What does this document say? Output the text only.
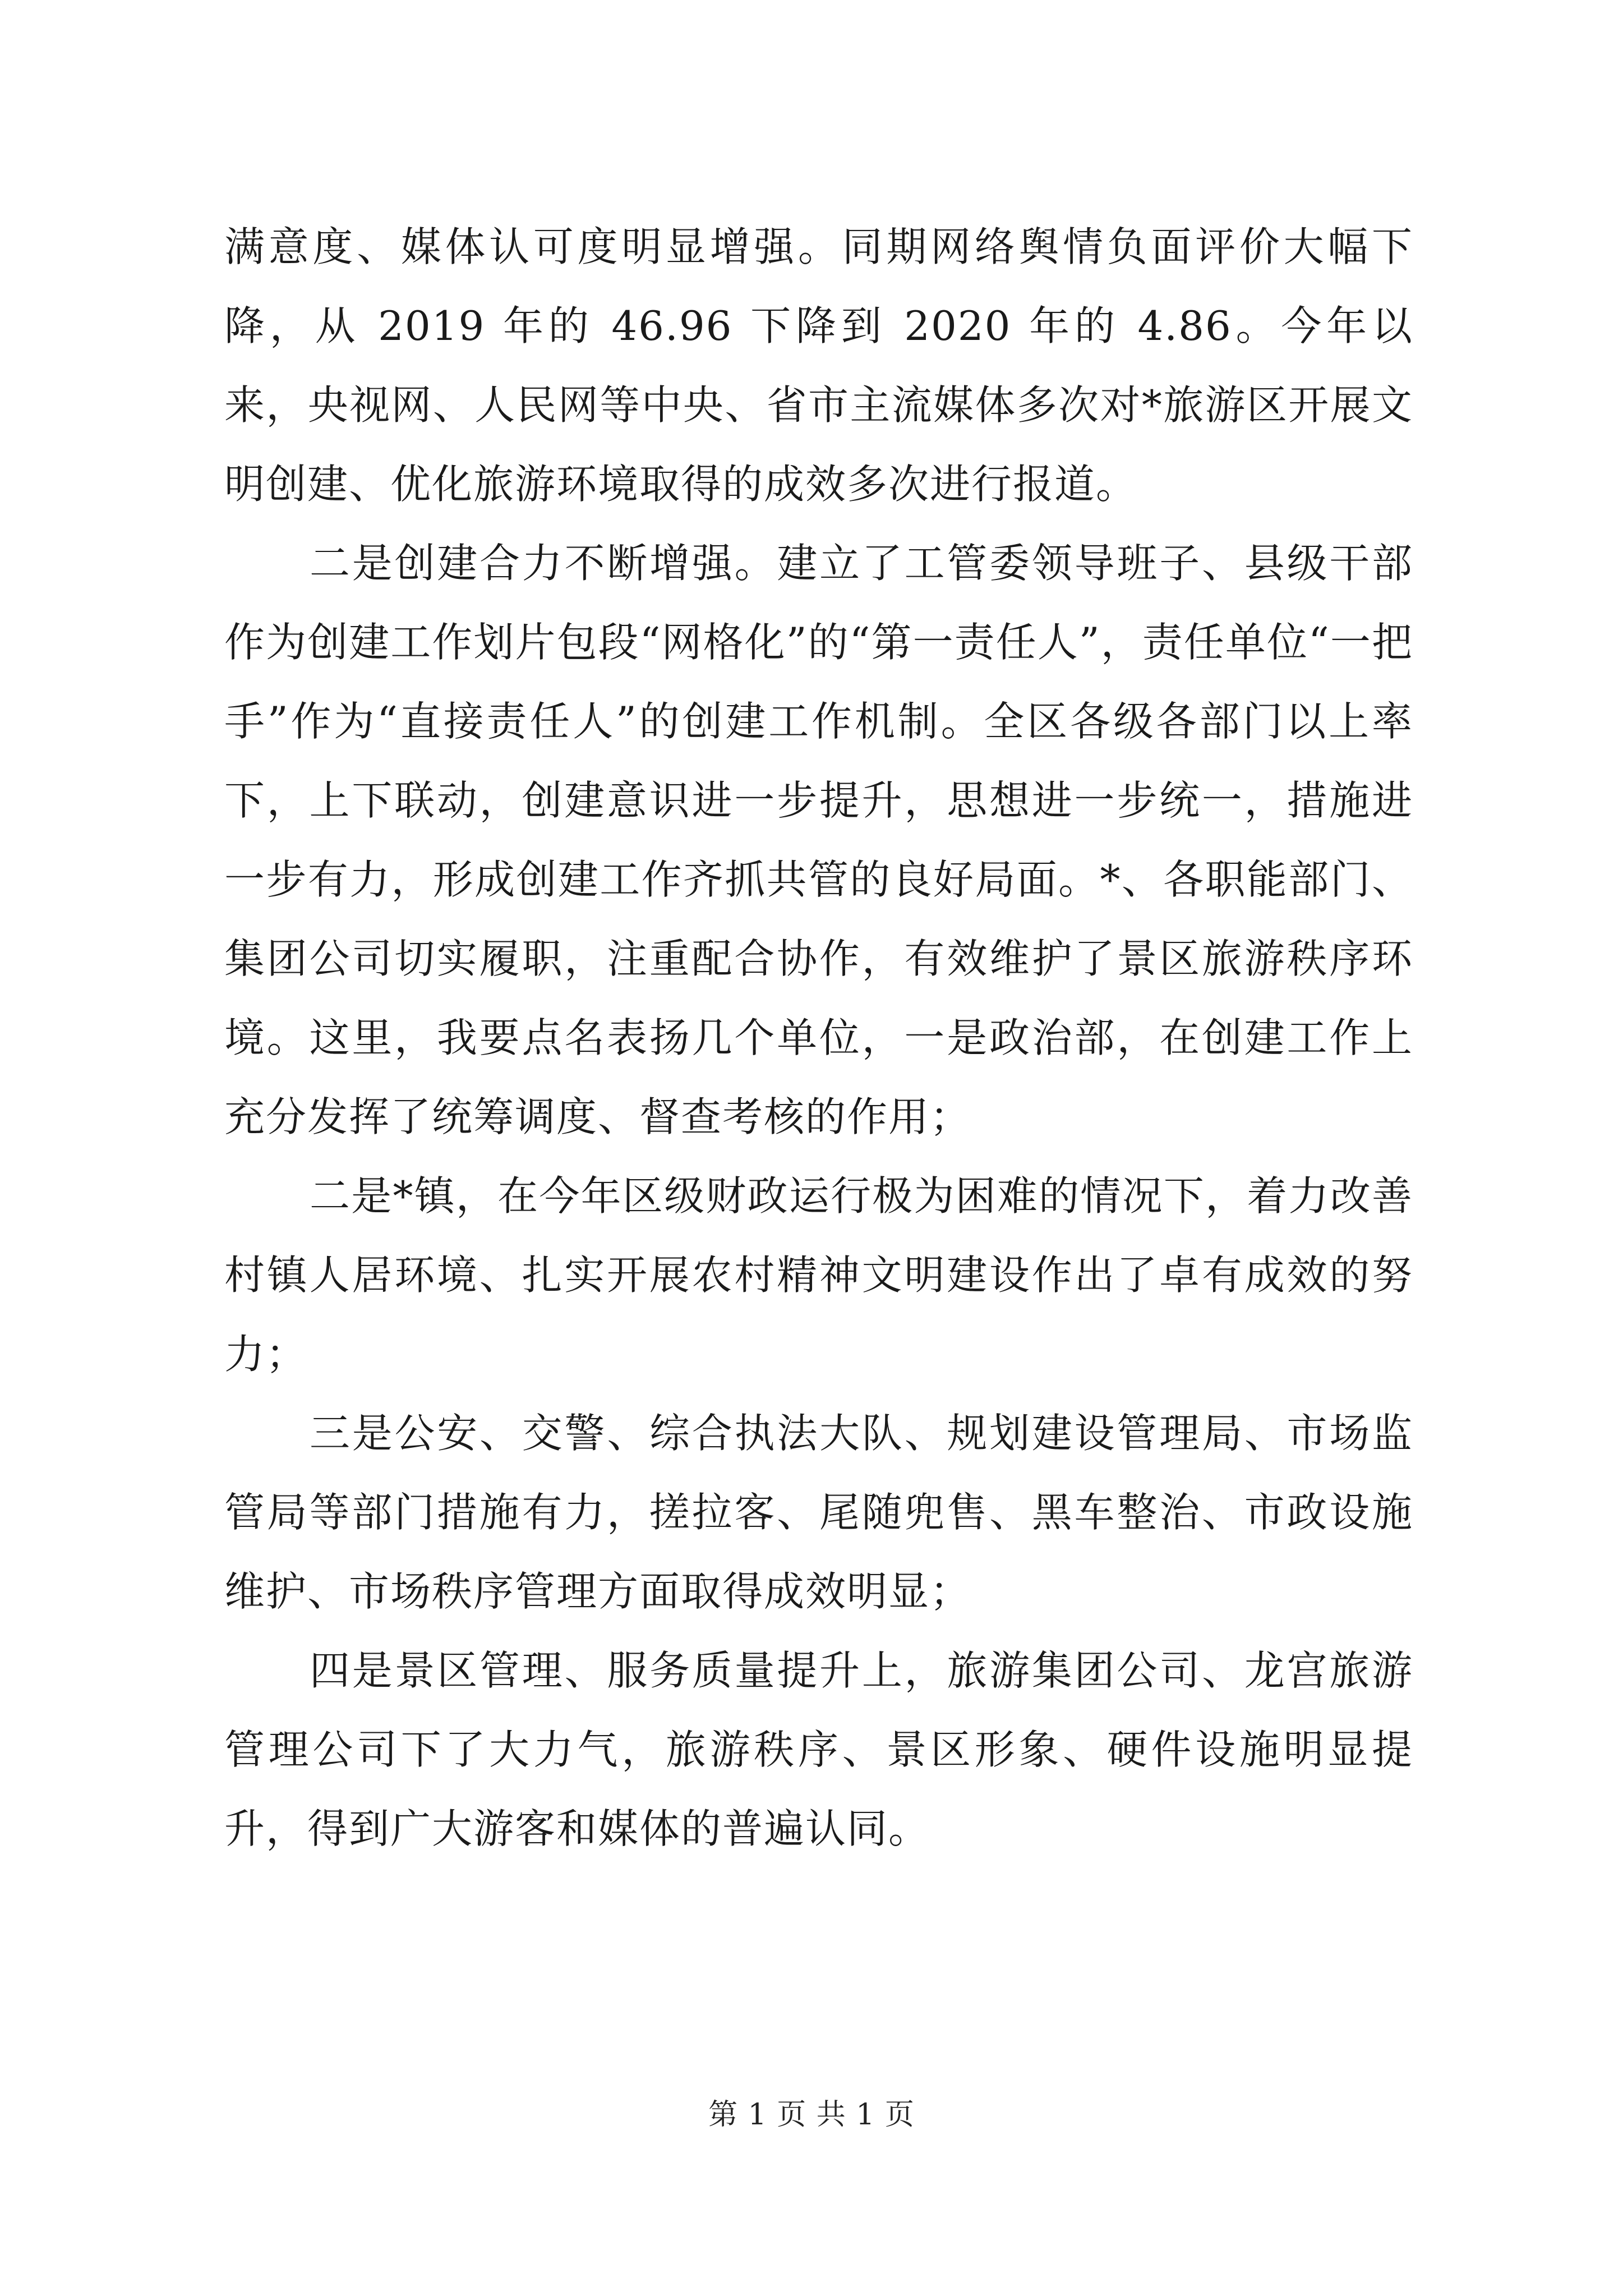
满意度、媒体认可度明显增强。同期网络舆情负面评价大幅下降，从 2019 年的 46.96 下降到 2020 年的 4.86。今年以来，央视网、人民网等中央、省市主流媒体多次对*旅游区开展文明创建、优化旅游环境取得的成效多次进行报道。

二是创建合力不断增强。建立了工管委领导班子、县级干部作为创建工作划片包段“网格化”的“第一责任人”，责任单位“一把手”作为“直接责任人”的创建工作机制。全区各级各部门以上率下，上下联动，创建意识进一步提升，思想进一步统一，措施进一步有力，形成创建工作齐抓共管的良好局面。*、各职能部门、集团公司切实履职，注重配合协作，有效维护了景区旅游秩序环境。这里，我要点名表扬几个单位，一是政治部，在创建工作上充分发挥了统筹调度、督查考核的作用；

二是*镇，在今年区级财政运行极为困难的情况下，着力改善村镇人居环境、扎实开展农村精神文明建设作出了卓有成效的努力；

三是公安、交警、综合执法大队、规划建设管理局、市场监管局等部门措施有力，搓拉客、尾随兜售、黑车整治、市政设施维护、市场秩序管理方面取得成效明显；

四是景区管理、服务质量提升上，旅游集团公司、龙宫旅游管理公司下了大力气，旅游秩序、景区形象、硬件设施明显提升，得到广大游客和媒体的普遍认同。

第 1 页 共 1 页
